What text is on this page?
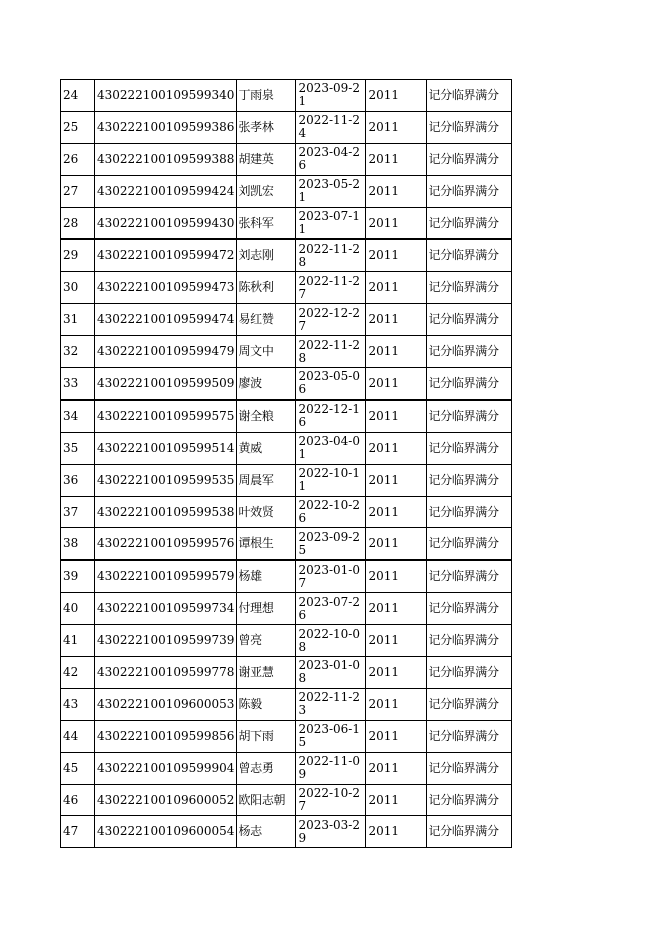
24	430222100109599340	丁雨泉	2023-09-21	2011	记分临界满分
25	430222100109599386	张孝林	2022-11-24	2011	记分临界满分
26	430222100109599388	胡建英	2023-04-26	2011	记分临界满分
27	430222100109599424	刘凯宏	2023-05-21	2011	记分临界满分
28	430222100109599430	张科军	2023-07-11	2011	记分临界满分
29	430222100109599472	刘志刚	2022-11-28	2011	记分临界满分
30	430222100109599473	陈秋利	2022-11-27	2011	记分临界满分
31	430222100109599474	易红赞	2022-12-27	2011	记分临界满分
32	430222100109599479	周文中	2022-11-28	2011	记分临界满分
33	430222100109599509	廖波	2023-05-06	2011	记分临界满分
34	430222100109599575	谢全粮	2022-12-16	2011	记分临界满分
35	430222100109599514	黄威	2023-04-01	2011	记分临界满分
36	430222100109599535	周晨军	2022-10-11	2011	记分临界满分
37	430222100109599538	叶效贤	2022-10-26	2011	记分临界满分
38	430222100109599576	谭根生	2023-09-25	2011	记分临界满分
39	430222100109599579	杨雄	2023-01-07	2011	记分临界满分
40	430222100109599734	付理想	2023-07-26	2011	记分临界满分
41	430222100109599739	曾亮	2022-10-08	2011	记分临界满分
42	430222100109599778	谢亚慧	2023-01-08	2011	记分临界满分
43	430222100109600053	陈毅	2022-11-23	2011	记分临界满分
44	430222100109599856	胡下雨	2023-06-15	2011	记分临界满分
45	430222100109599904	曾志勇	2022-11-09	2011	记分临界满分
46	430222100109600052	欧阳志朝	2022-10-27	2011	记分临界满分
47	430222100109600054	杨志	2023-03-29	2011	记分临界满分
